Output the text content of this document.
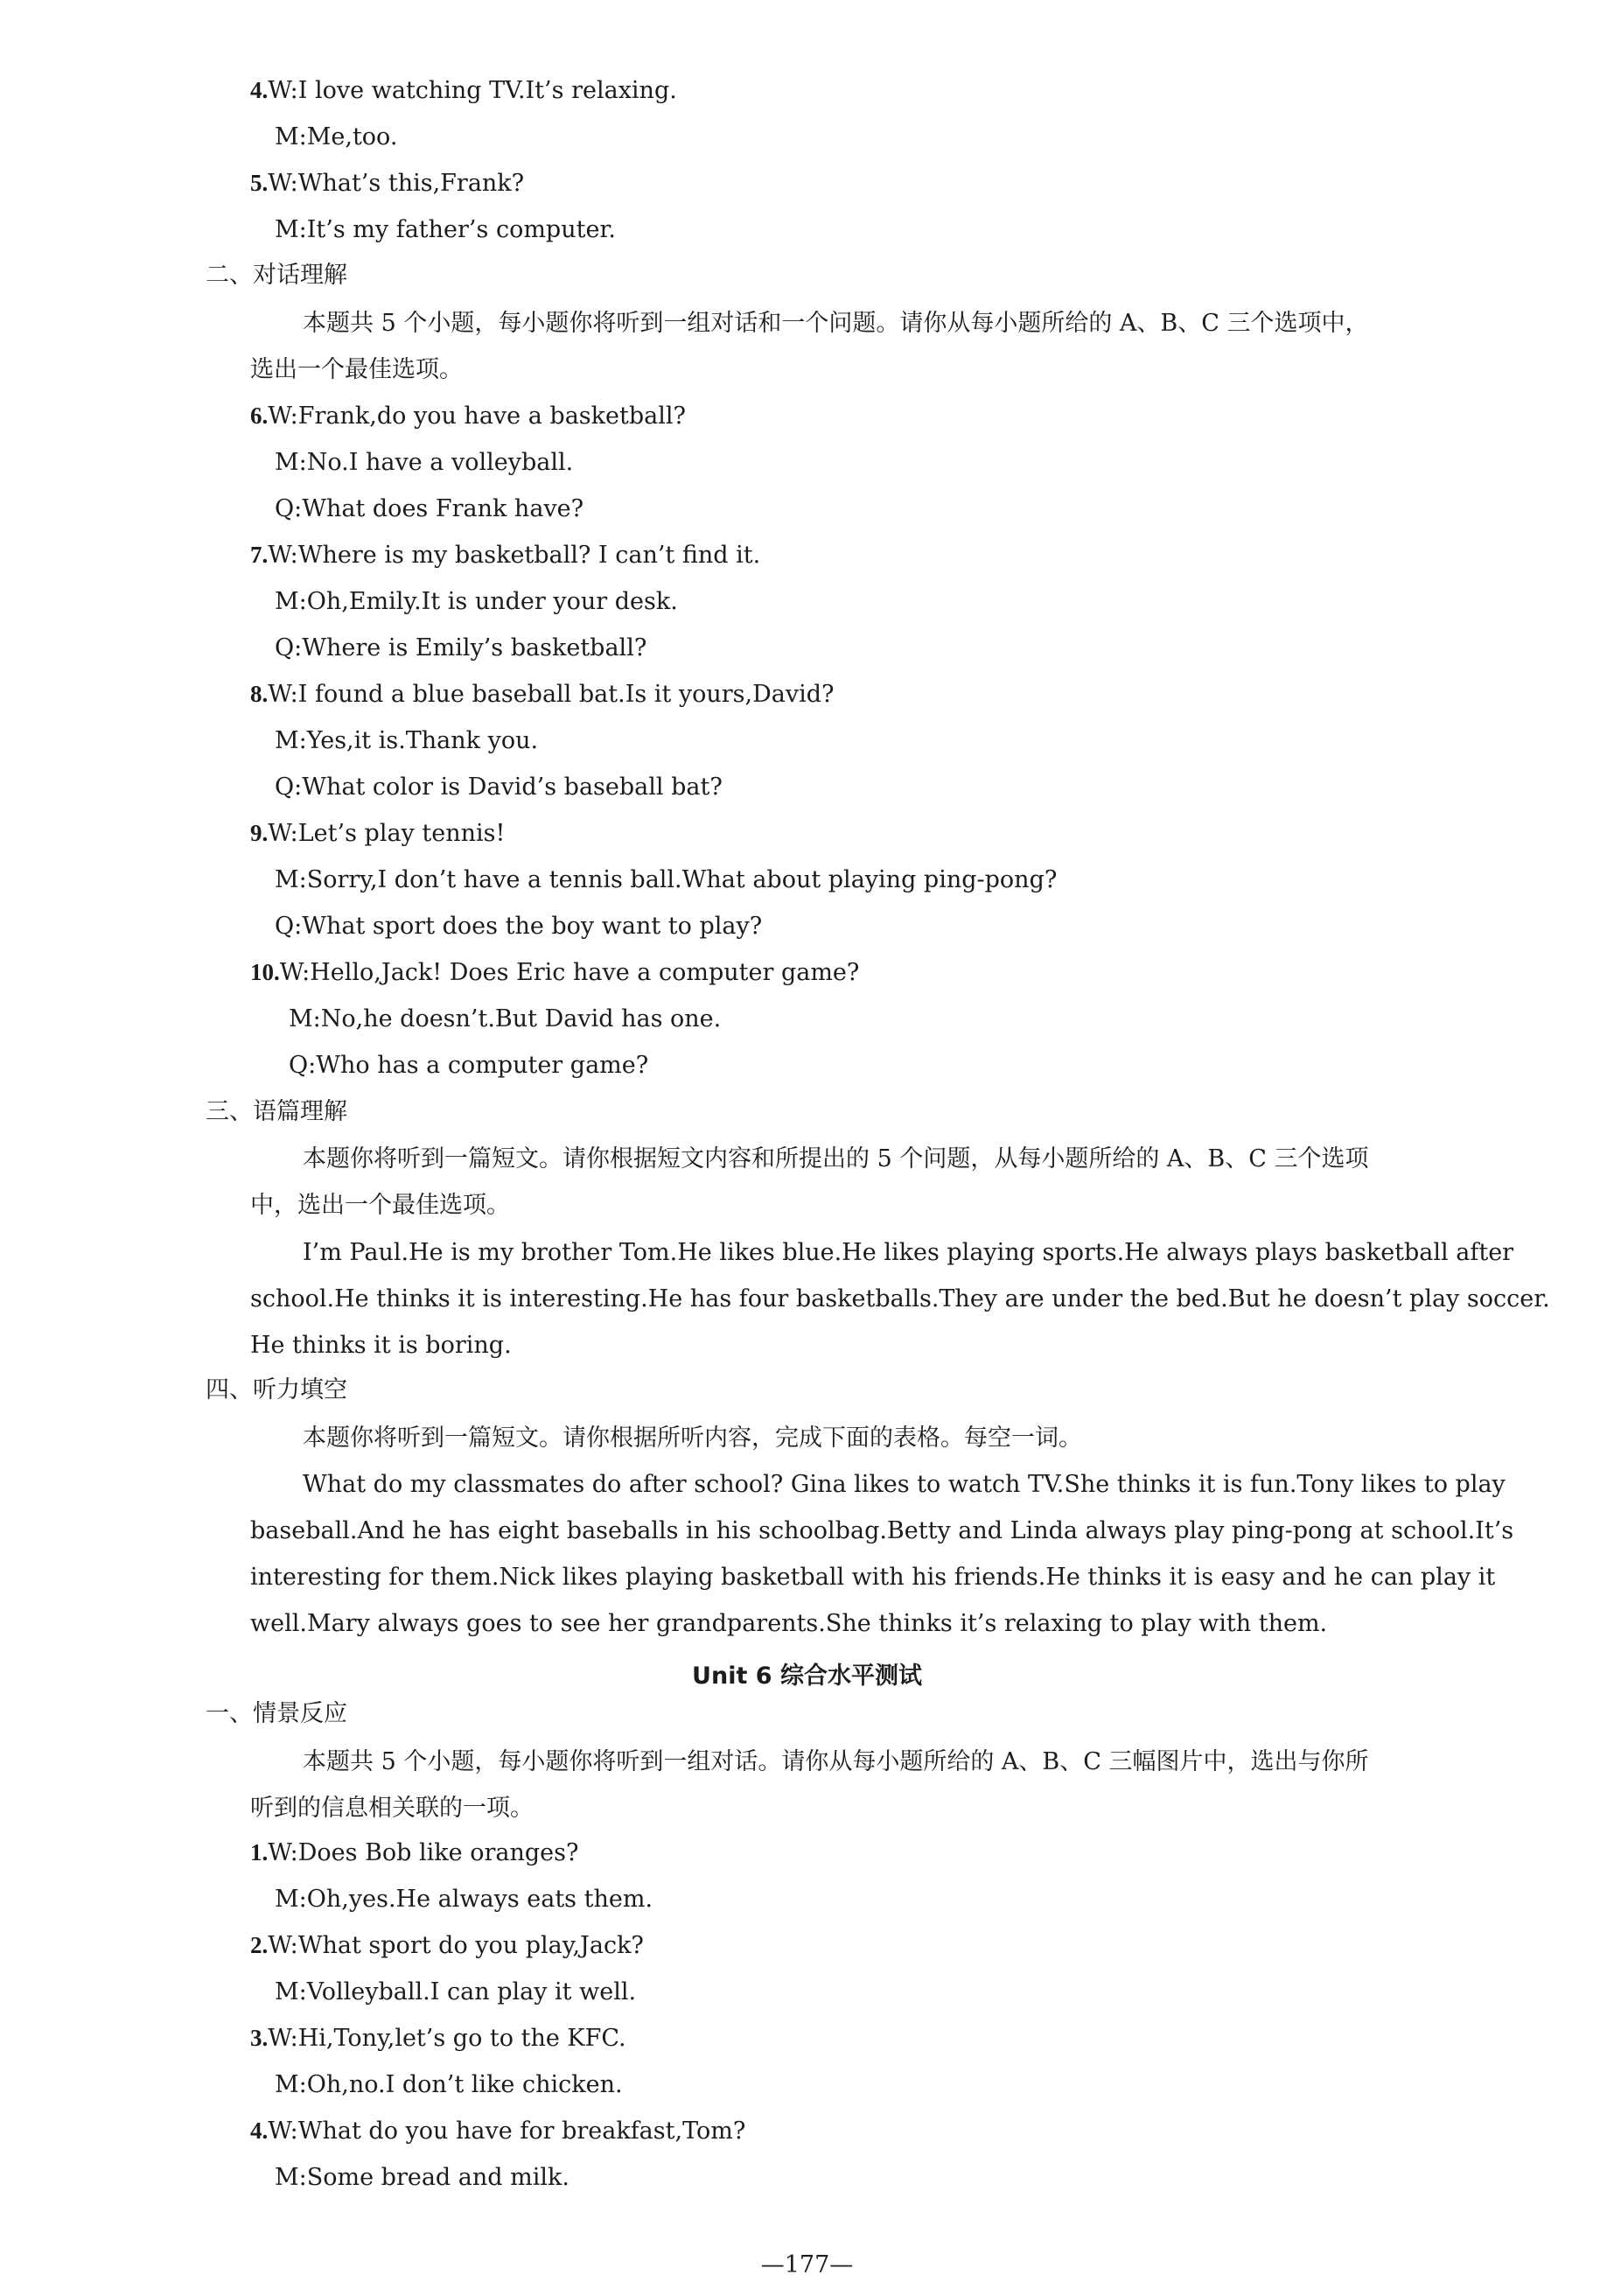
4.W:I love watching TV.It’s relaxing.
M:Me,too.
5.W:What’s this,Frank?
M:It’s my father’s computer.
二、对话理解
本题共 5 个小题，每小题你将听到一组对话和一个问题。请你从每小题所给的 A、B、C 三个选项中，
选出一个最佳选项。
6.W:Frank,do you have a basketball?
M:No.I have a volleyball.
Q:What does Frank have?
7.W:Where is my basketball? I can’t find it.
M:Oh,Emily.It is under your desk.
Q:Where is Emily’s basketball?
8.W:I found a blue baseball bat.Is it yours,David?
M:Yes,it is.Thank you.
Q:What color is David’s baseball bat?
9.W:Let’s play tennis!
M:Sorry,I don’t have a tennis ball.What about playing ping-pong?
Q:What sport does the boy want to play?
10.W:Hello,Jack! Does Eric have a computer game?
M:No,he doesn’t.But David has one.
Q:Who has a computer game?
三、语篇理解
本题你将听到一篇短文。请你根据短文内容和所提出的 5 个问题，从每小题所给的 A、B、C 三个选项
中，选出一个最佳选项。
I’m Paul.He is my brother Tom.He likes blue.He likes playing sports.He always plays basketball after
school.He thinks it is interesting.He has four basketballs.They are under the bed.But he doesn’t play soccer.
He thinks it is boring.
四、听力填空
本题你将听到一篇短文。请你根据所听内容，完成下面的表格。每空一词。
What do my classmates do after school? Gina likes to watch TV.She thinks it is fun.Tony likes to play
baseball.And he has eight baseballs in his schoolbag.Betty and Linda always play ping-pong at school.It’s
interesting for them.Nick likes playing basketball with his friends.He thinks it is easy and he can play it
well.Mary always goes to see her grandparents.She thinks it’s relaxing to play with them.
Unit 6 综合水平测试
一、情景反应
本题共 5 个小题，每小题你将听到一组对话。请你从每小题所给的 A、B、C 三幅图片中，选出与你所
听到的信息相关联的一项。
1.W:Does Bob like oranges?
M:Oh,yes.He always eats them.
2.W:What sport do you play,Jack?
M:Volleyball.I can play it well.
3.W:Hi,Tony,let’s go to the KFC.
M:Oh,no.I don’t like chicken.
4.W:What do you have for breakfast,Tom?
M:Some bread and milk.
—177—
